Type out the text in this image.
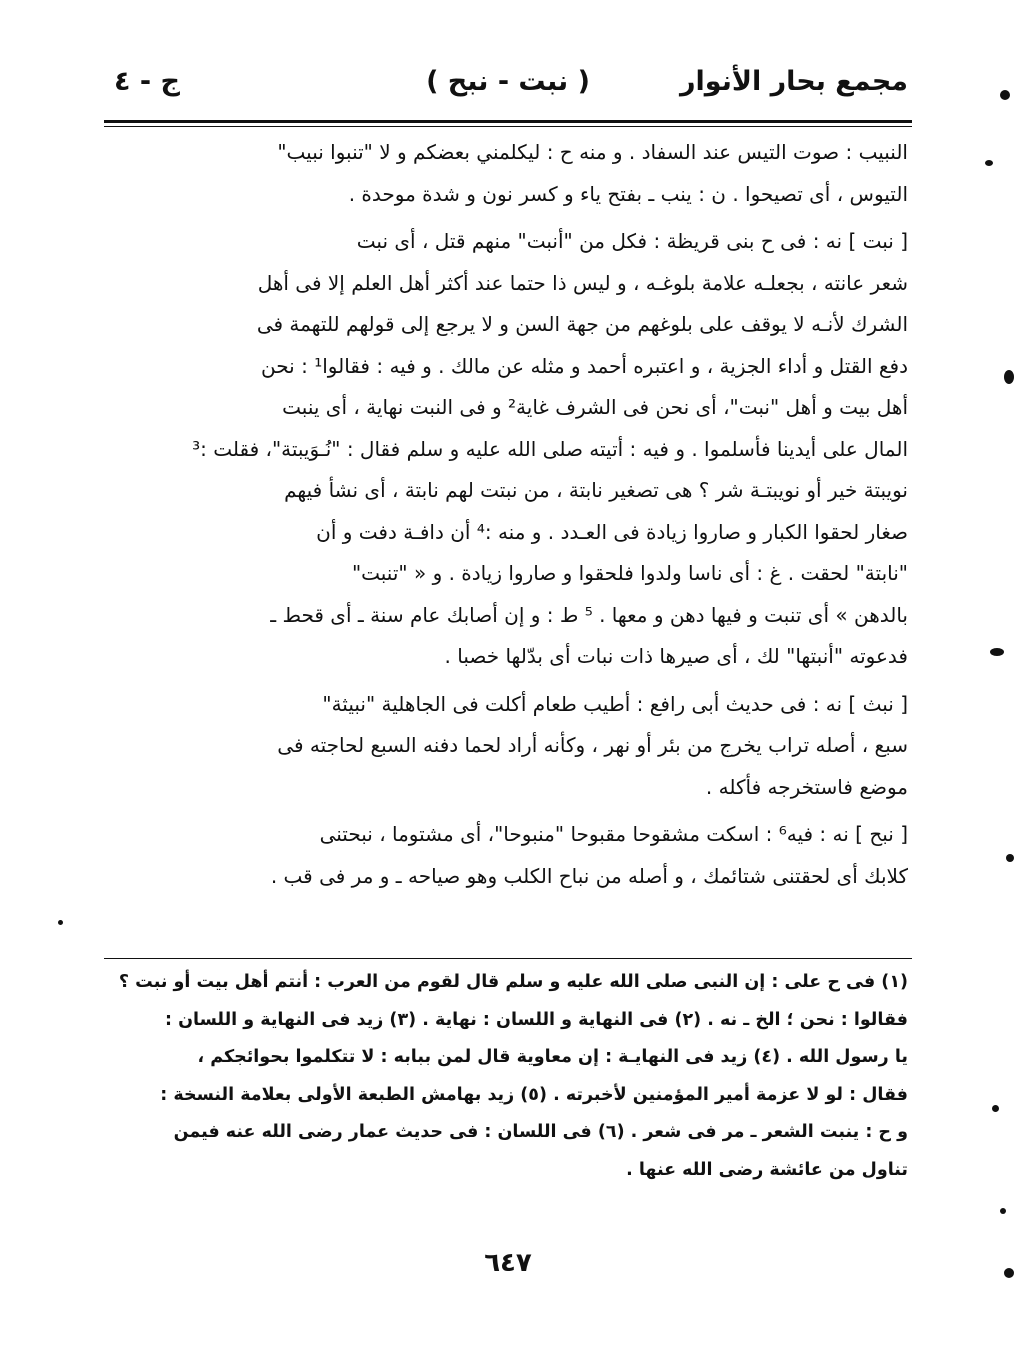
مجمع بحار الأنوار
( نبت - نبح )
ج - ٤
النبيب : صوت التيس عند السفاد . و منه ح : ليكلمني بعضكم و لا "تنبوا نبيب"
التيوس ، أى تصيحوا . ن : ينب ـ بفتح ياء و كسر نون و شدة موحدة .
[ نبت ] نه : فى ح بنى قريظة : فكل من "أنبت" منهم قتل ، أى نبت
شعر عانته ، بجعلـه علامة بلوغـه ، و ليس ذا حتما عند أكثر أهل العلم إلا فى أهل
الشرك لأنـه لا يوقف على بلوغهم من جهة السن و لا يرجع إلى قولهم للتهمة فى
دفع القتل و أداء الجزية ، و اعتبره أحمد و مثله عن مالك . و فيه : فقالوا¹ : نحن
أهل بيت و أهل "نبت"، أى نحن فى الشرف غاية² و فى النبت نهاية ، أى ينبت
المال على أيدينا فأسلموا . و فيه : أتيته صلى الله عليه و سلم فقال : "نُـوَيبتة"، فقلت :³
نويبتة خير أو نويبتـة شر ؟ هى تصغير نابتة ، من نبتت لهم نابتة ، أى نشأ فيهم
صغار لحقوا الكبار و صاروا زيادة فى العـدد . و منه :⁴ أن دافـة دفت و أن
"نابتة" لحقت . غ : أى ناسا ولدوا فلحقوا و صاروا زيادة . و « "تنبت"
بالدهن » أى تنبت و فيها دهن و معها . ⁵ ط : و إن أصابك عام سنة ـ أى قحط ـ
فدعوته "أنبتها" لك ، أى صيرها ذات نبات أى بدّلها خصبا .
[ نبث ] نه : فى حديث أبى رافع : أطيب طعام أكلت فى الجاهلية "نبيثة"
سبع ، أصله تراب يخرج من بئر أو نهر ، وكأنه أراد لحما دفنه السبع لحاجته فى
موضع فاستخرجه فأكله .
[ نبح ] نه : فيه⁶ : اسكت مشقوحا مقبوحا "منبوحا"، أى مشتوما ، نبحتنى
كلابك أى لحقتنى شتائمك ، و أصله من نباح الكلب وهو صياحه ـ و مر فى قب .
(١) فى ح على : إن النبى صلى الله عليه و سلم قال لقوم من العرب : أنتم أهل بيت أو نبت ؟
فقالوا : نحن ؛ الخ ـ نه . (٢) فى النهاية و اللسان : نهاية . (٣) زيد فى النهاية و اللسان :
يا رسول الله . (٤) زيد فى النهايـة : إن معاوية قال لمن ببابه : لا تتكلموا بحوائجكم ،
فقال : لو لا عزمة أمير المؤمنين لأخبرته . (٥) زيد بهامش الطبعة الأولى بعلامة النسخة :
و ح : ينبت الشعر ـ مر فى شعر . (٦) فى اللسان : فى حديث عمار رضى الله عنه فيمن
تناول من عائشة رضى الله عنها .
٦٤٧
